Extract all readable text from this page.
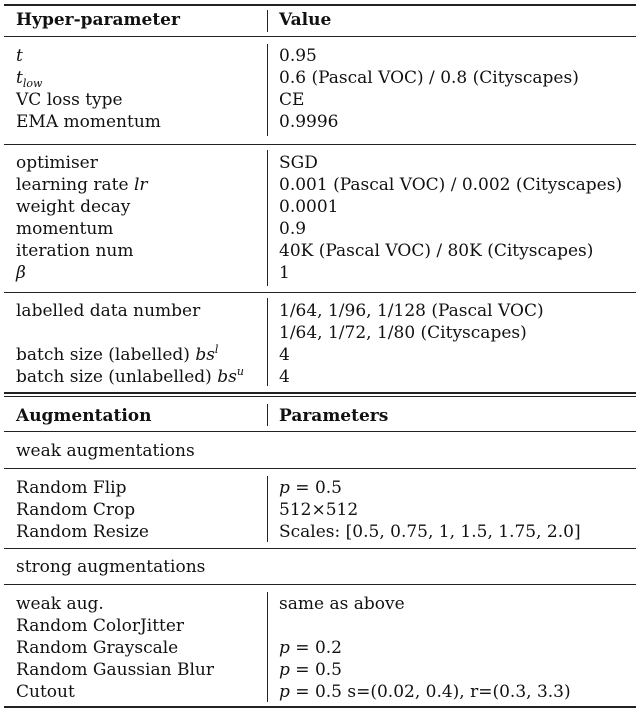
Hyper-parameter	Value
t	0.95
$t_{low}$	0.6 (Pascal VOC) / 0.8 (Cityscapes)
VC loss type	CE
EMA momentum	0.9996
optimiser	SGD
learning rate lr	0.001 (Pascal VOC) / 0.002 (Cityscapes)
weight decay	0.0001
momentum	0.9
iteration num	40K (Pascal VOC) / 80K (Cityscapes)
β	1
labelled data number	1/64, 1/96, 1/128 (Pascal VOC)
1/64, 1/72, 1/80 (Cityscapes)
batch size (labelled) $bs^l$	4
batch size (unlabelled) $bs^u$ 4
Augmentation	Parameters
weak augmentations
Random Flip	p = 0.5
Random Crop	512×512
Random Resize	Scales: [0.5, 0.75, 1, 1.5, 1.75, 2.0]
strong augmentations
weak aug.	same as above
Random ColorJitter
Random Grayscale	p = 0.2
Random Gaussian Blur	p = 0.5
Cutout	p = 0.5 s=(0.02, 0.4), r=(0.3, 3.3)
